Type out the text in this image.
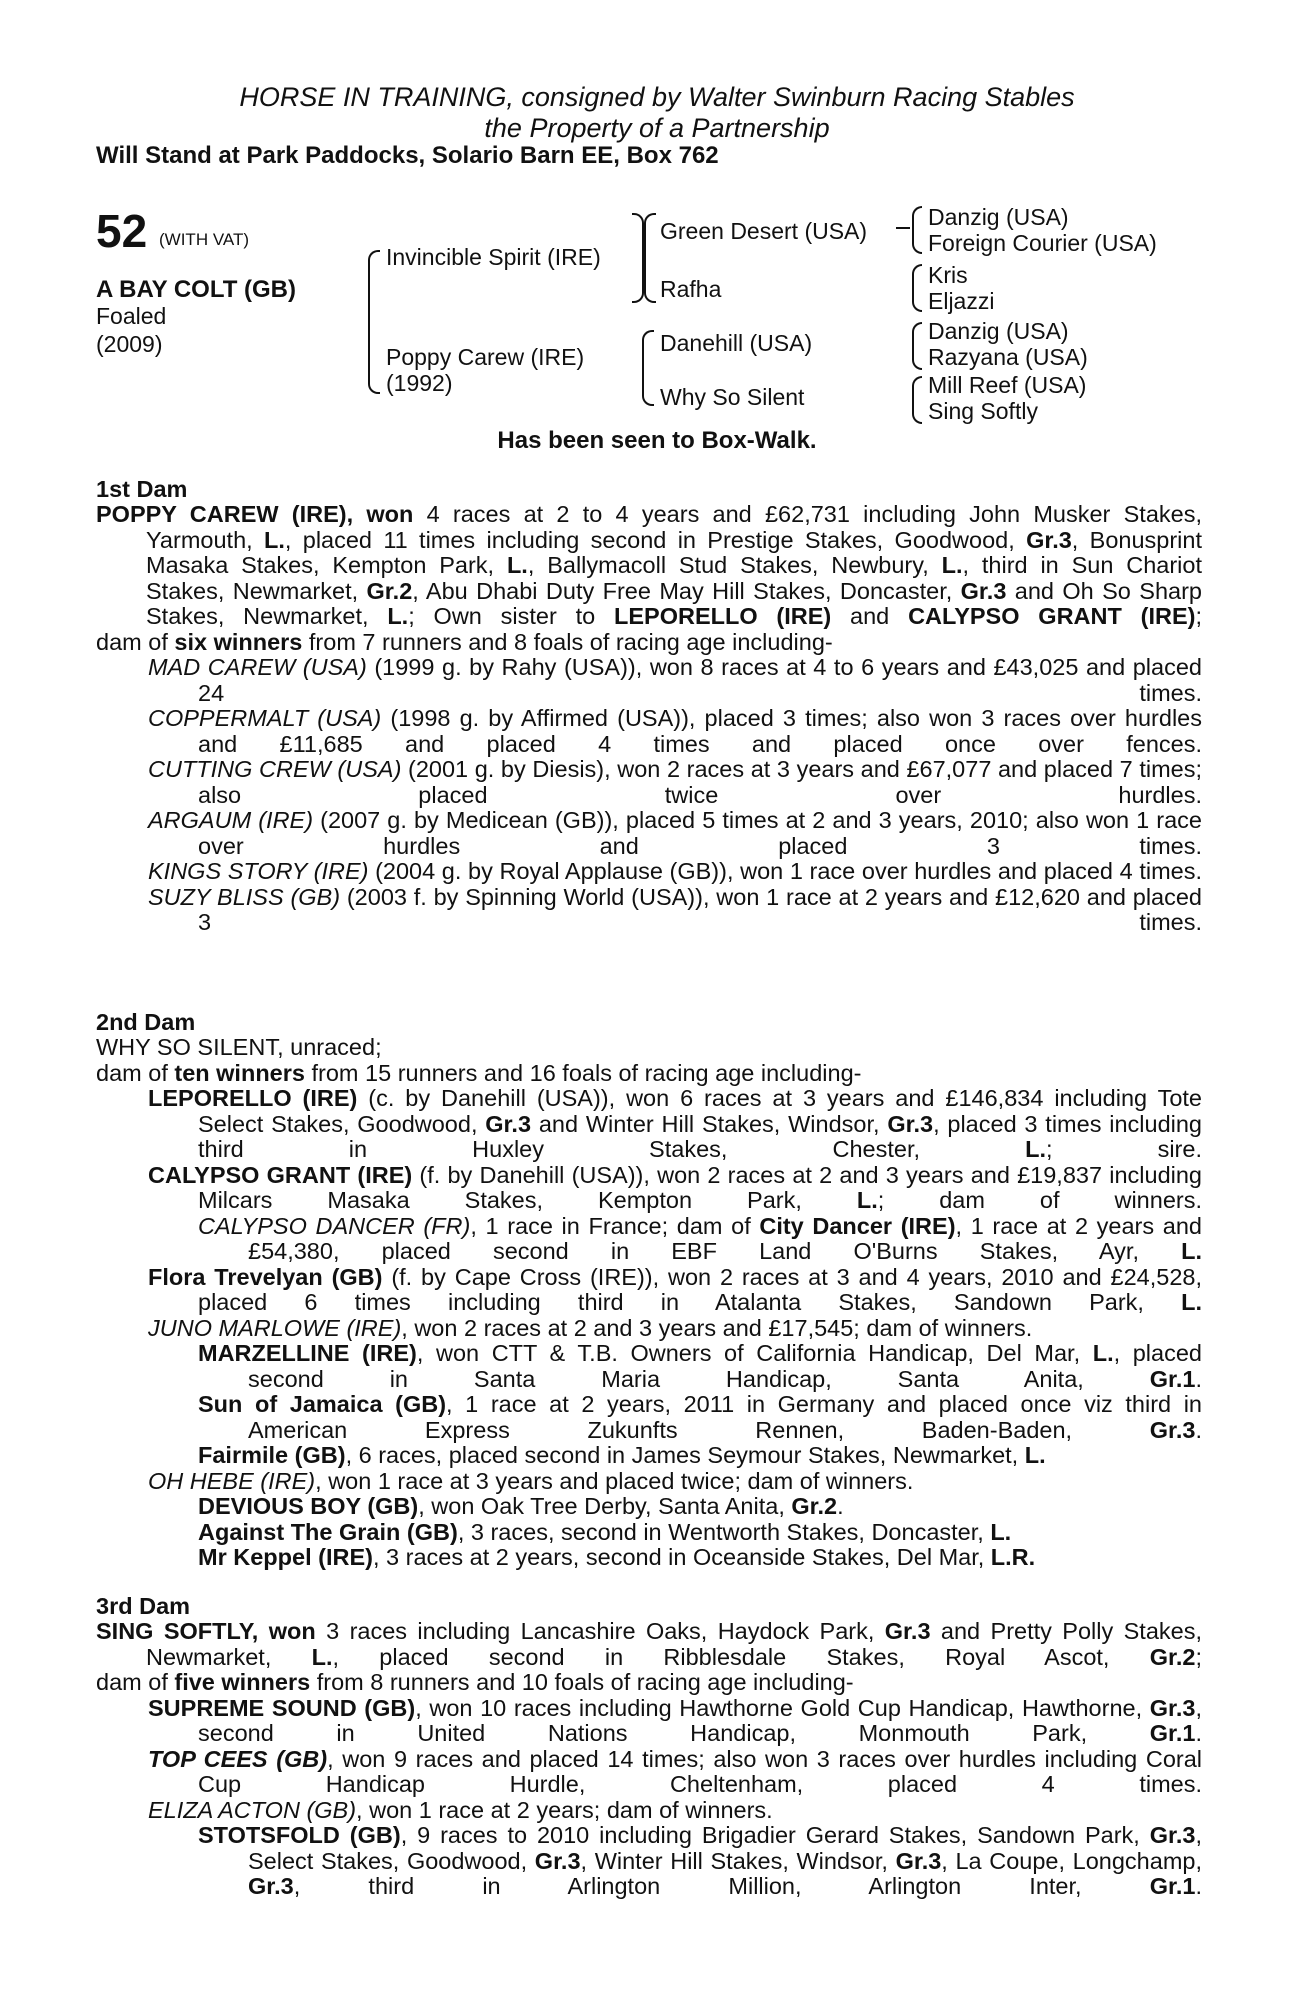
HORSE IN TRAINING, consigned by Walter Swinburn Racing Stables
the Property of a Partnership
Will Stand at Park Paddocks, Solario Barn EE, Box 762
52 (WITH VAT)
A BAY COLT (GB)
Foaled
(2009)
Invincible Spirit (IRE)
Poppy Carew (IRE)
(1992)
Green Desert (USA)
Rafha
Danehill (USA)
Why So Silent
Danzig (USA)
Foreign Courier (USA)
Kris
Eljazzi
Danzig (USA)
Razyana (USA)
Mill Reef (USA)
Sing Softly
Has been seen to Box-Walk.
1st Dam

POPPY CAREW (IRE), won 4 races at 2 to 4 years and £62,731 including John Musker Stakes, Yarmouth, L., placed 11 times including second in Prestige Stakes, Goodwood, Gr.3, Bonusprint Masaka Stakes, Kempton Park, L., Ballymacoll Stud Stakes, Newbury, L., third in Sun Chariot Stakes, Newmarket, Gr.2, Abu Dhabi Duty Free May Hill Stakes, Doncaster, Gr.3 and Oh So Sharp Stakes, Newmarket, L.; Own sister to LEPORELLO (IRE) and CALYPSO GRANT (IRE);

dam of six winners from 7 runners and 8 foals of racing age including-

MAD CAREW (USA) (1999 g. by Rahy (USA)), won 8 races at 4 to 6 years and £43,025 and placed 24 times.

COPPERMALT (USA) (1998 g. by Affirmed (USA)), placed 3 times; also won 3 races over hurdles and £11,685 and placed 4 times and placed once over fences.

CUTTING CREW (USA) (2001 g. by Diesis), won 2 races at 3 years and £67,077 and placed 7 times; also placed twice over hurdles.

ARGAUM (IRE) (2007 g. by Medicean (GB)), placed 5 times at 2 and 3 years, 2010; also won 1 race over hurdles and placed 3 times.

KINGS STORY (IRE) (2004 g. by Royal Applause (GB)), won 1 race over hurdles and placed 4 times.

SUZY BLISS (GB) (2003 f. by Spinning World (USA)), won 1 race at 2 years and £12,620 and placed 3 times.

2nd Dam

WHY SO SILENT, unraced;

dam of ten winners from 15 runners and 16 foals of racing age including-

LEPORELLO (IRE) (c. by Danehill (USA)), won 6 races at 3 years and £146,834 including Tote Select Stakes, Goodwood, Gr.3 and Winter Hill Stakes, Windsor, Gr.3, placed 3 times including third in Huxley Stakes, Chester, L.; sire.

CALYPSO GRANT (IRE) (f. by Danehill (USA)), won 2 races at 2 and 3 years and £19,837 including Milcars Masaka Stakes, Kempton Park, L.; dam of winners.

CALYPSO DANCER (FR), 1 race in France; dam of City Dancer (IRE), 1 race at 2 years and £54,380, placed second in EBF Land O'Burns Stakes, Ayr, L.

Flora Trevelyan (GB) (f. by Cape Cross (IRE)), won 2 races at 3 and 4 years, 2010 and £24,528, placed 6 times including third in Atalanta Stakes, Sandown Park, L.

JUNO MARLOWE (IRE), won 2 races at 2 and 3 years and £17,545; dam of winners.

MARZELLINE (IRE), won CTT & T.B. Owners of California Handicap, Del Mar, L., placed second in Santa Maria Handicap, Santa Anita, Gr.1.

Sun of Jamaica (GB), 1 race at 2 years, 2011 in Germany and placed once viz third in American Express Zukunfts Rennen, Baden-Baden, Gr.3.

Fairmile (GB), 6 races, placed second in James Seymour Stakes, Newmarket, L.

OH HEBE (IRE), won 1 race at 3 years and placed twice; dam of winners.

DEVIOUS BOY (GB), won Oak Tree Derby, Santa Anita, Gr.2.

Against The Grain (GB), 3 races, second in Wentworth Stakes, Doncaster, L.

Mr Keppel (IRE), 3 races at 2 years, second in Oceanside Stakes, Del Mar, L.R.

3rd Dam

SING SOFTLY, won 3 races including Lancashire Oaks, Haydock Park, Gr.3 and Pretty Polly Stakes, Newmarket, L., placed second in Ribblesdale Stakes, Royal Ascot, Gr.2;

dam of five winners from 8 runners and 10 foals of racing age including-

SUPREME SOUND (GB), won 10 races including Hawthorne Gold Cup Handicap, Hawthorne, Gr.3, second in United Nations Handicap, Monmouth Park, Gr.1.

TOP CEES (GB), won 9 races and placed 14 times; also won 3 races over hurdles including Coral Cup Handicap Hurdle, Cheltenham, placed 4 times.

ELIZA ACTON (GB), won 1 race at 2 years; dam of winners.

STOTSFOLD (GB), 9 races to 2010 including Brigadier Gerard Stakes, Sandown Park, Gr.3, Select Stakes, Goodwood, Gr.3, Winter Hill Stakes, Windsor, Gr.3, La Coupe, Longchamp, Gr.3, third in Arlington Million, Arlington Inter, Gr.1.
